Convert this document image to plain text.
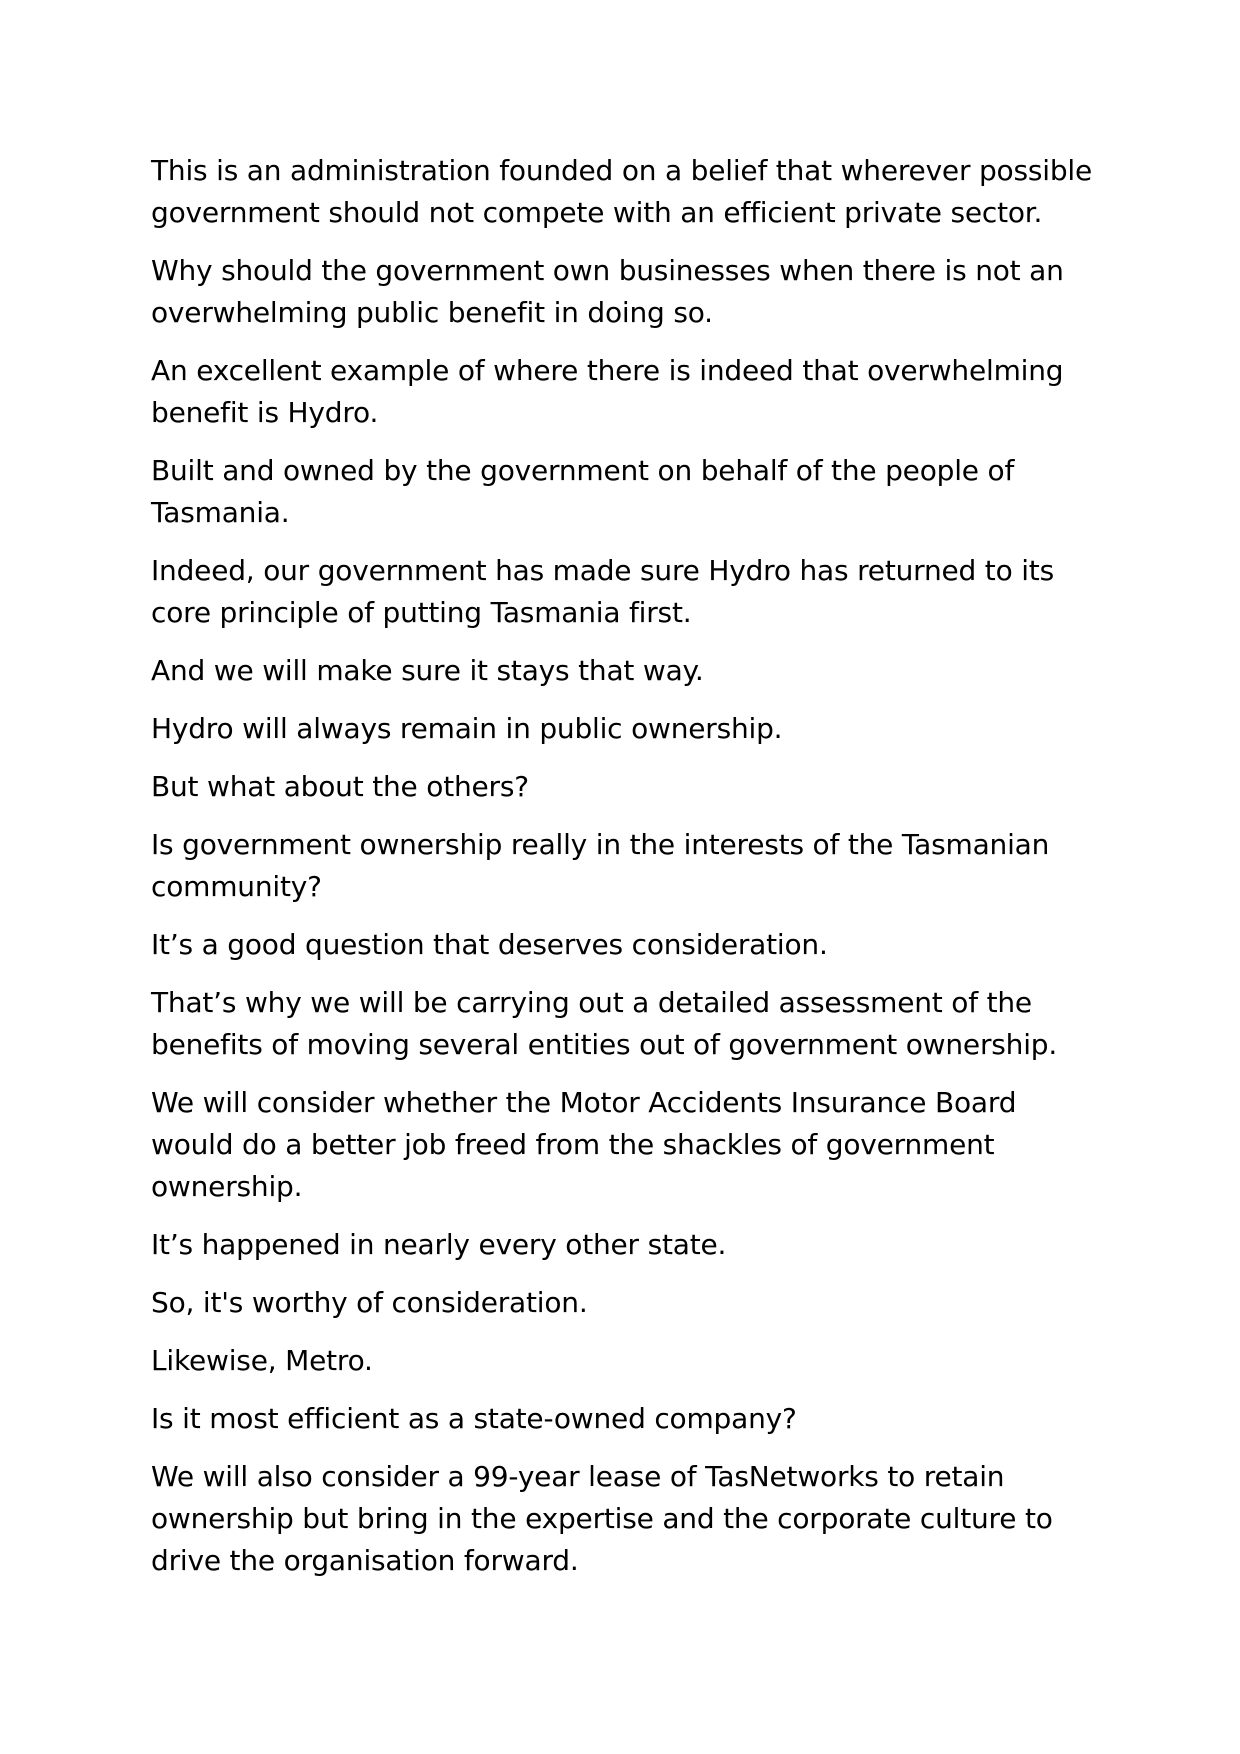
This is an administration founded on a belief that wherever possible
government should not compete with an efficient private sector.

Why should the government own businesses when there is not an
overwhelming public benefit in doing so.

An excellent example of where there is indeed that overwhelming
benefit is Hydro.

Built and owned by the government on behalf of the people of
Tasmania.

Indeed, our government has made sure Hydro has returned to its
core principle of putting Tasmania first.

And we will make sure it stays that way.

Hydro will always remain in public ownership.

But what about the others?

Is government ownership really in the interests of the Tasmanian
community?

It’s a good question that deserves consideration.

That’s why we will be carrying out a detailed assessment of the
benefits of moving several entities out of government ownership.

We will consider whether the Motor Accidents Insurance Board
would do a better job freed from the shackles of government
ownership.

It’s happened in nearly every other state.

So, it's worthy of consideration.

Likewise, Metro.

Is it most efficient as a state-owned company?

We will also consider a 99-year lease of TasNetworks to retain
ownership but bring in the expertise and the corporate culture to
drive the organisation forward.
